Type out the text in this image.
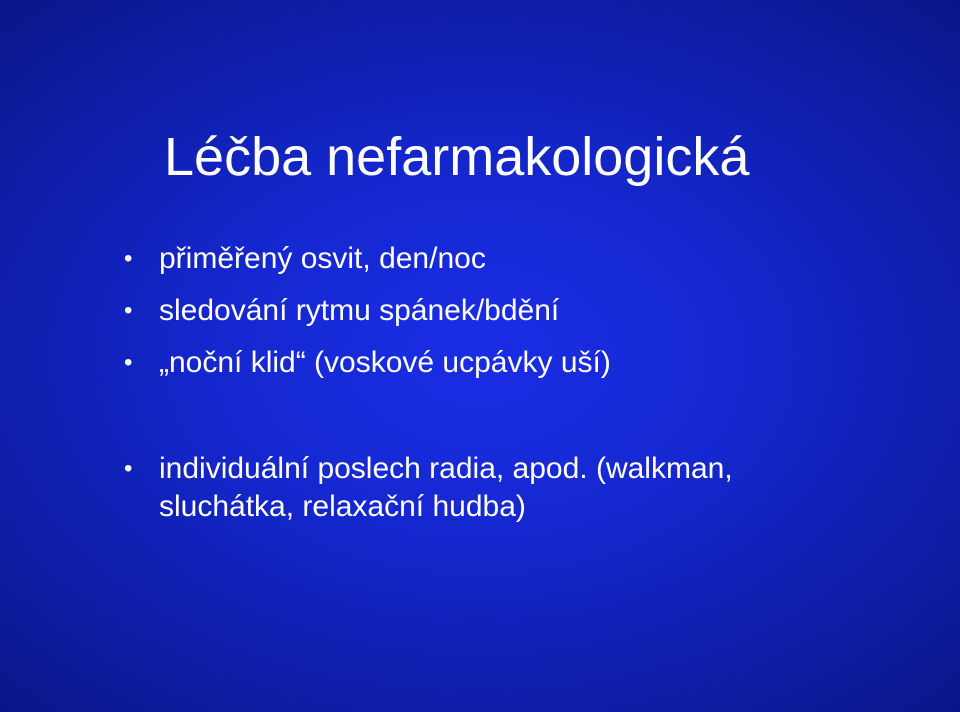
Léčba nefarmakologická
• přiměřený osvit, den/noc
• sledování rytmu spánek/bdění
• „noční klid“ (voskové ucpávky uší)
• individuální poslech radia, apod. (walkman,
sluchátka, relaxační hudba)
